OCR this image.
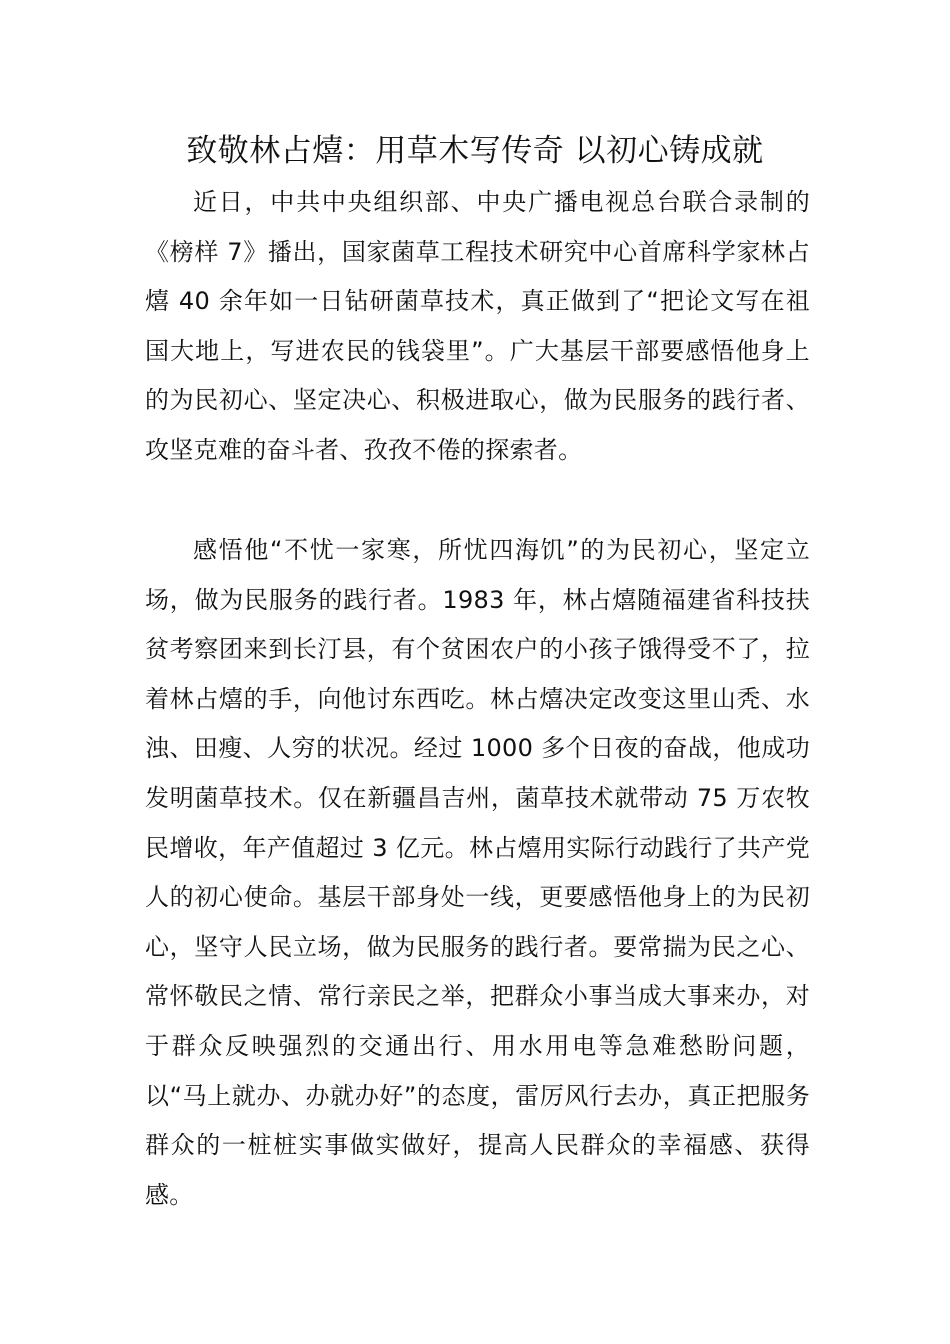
致敬林占熺：用草木写传奇 以初心铸成就

近日，中共中央组织部、中央广播电视总台联合录制的《榜样 7》播出，国家菌草工程技术研究中心首席科学家林占熺 40 余年如一日钻研菌草技术，真正做到了“把论文写在祖国大地上，写进农民的钱袋里”。广大基层干部要感悟他身上的为民初心、坚定决心、积极进取心，做为民服务的践行者、攻坚克难的奋斗者、孜孜不倦的探索者。

感悟他“不忧一家寒，所忧四海饥”的为民初心，坚定立场，做为民服务的践行者。1983 年，林占熺随福建省科技扶贫考察团来到长汀县，有个贫困农户的小孩子饿得受不了，拉着林占熺的手，向他讨东西吃。林占熺决定改变这里山秃、水浊、田瘦、人穷的状况。经过 1000 多个日夜的奋战，他成功发明菌草技术。仅在新疆昌吉州，菌草技术就带动 75 万农牧民增收，年产值超过 3 亿元。林占熺用实际行动践行了共产党人的初心使命。基层干部身处一线，更要感悟他身上的为民初心，坚守人民立场，做为民服务的践行者。要常揣为民之心、常怀敬民之情、常行亲民之举，把群众小事当成大事来办，对于群众反映强烈的交通出行、用水用电等急难愁盼问题，以“马上就办、办就办好”的态度，雷厉风行去办，真正把服务群众的一桩桩实事做实做好，提高人民群众的幸福感、获得感。
